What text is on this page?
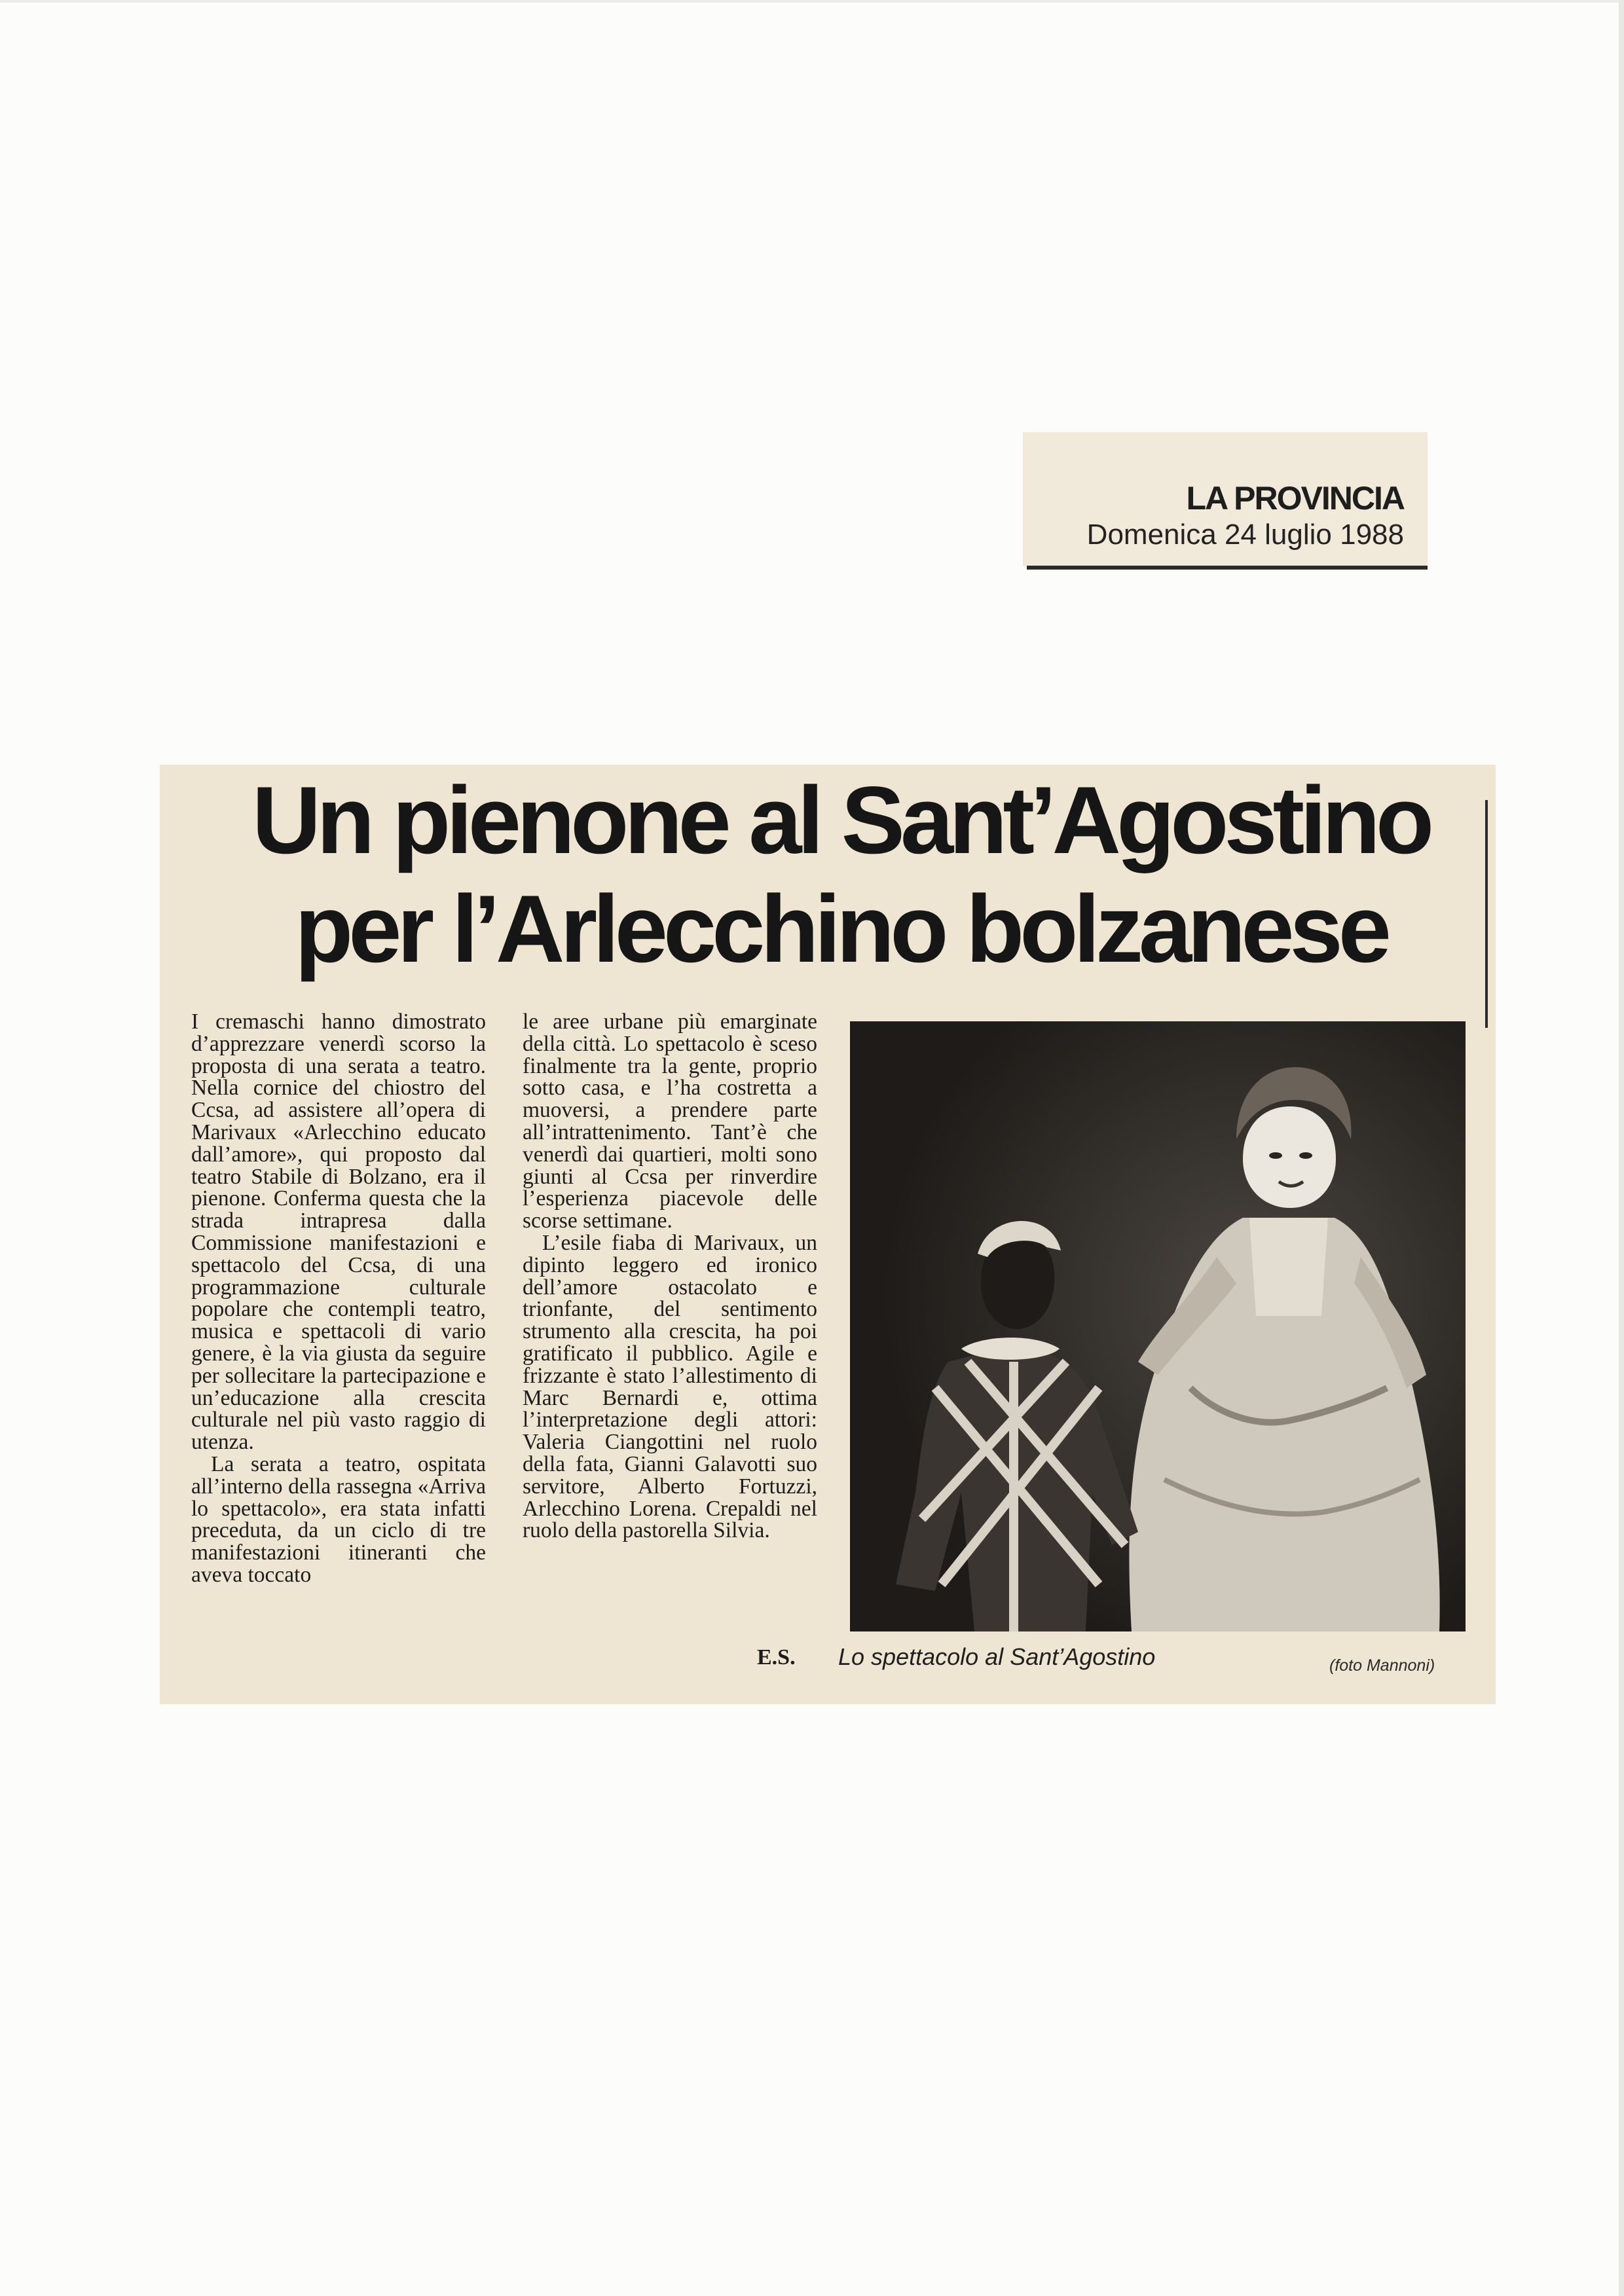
LA PROVINCIA
Domenica 24 luglio 1988
Un pienone al Sant’Agostino
per l’Arlecchino bolzanese

I cremaschi hanno dimostrato d’apprezzare venerdì scorso la proposta di una serata a teatro. Nella cornice del chiostro del Ccsa, ad assistere all’opera di Marivaux «Arlecchino educato dall’amore», qui proposto dal teatro Stabile di Bolzano, era il pienone. Conferma questa che la strada intrapresa dalla Commissione manifestazioni e spettacolo del Ccsa, di una programmazione culturale popolare che contempli teatro, musica e spettacoli di vario genere, è la via giusta da seguire per sollecitare la partecipazione e un’educazione alla crescita culturale nel più vasto raggio di utenza.

La serata a teatro, ospitata all’interno della rassegna «Arriva lo spettacolo», era stata infatti preceduta, da un ciclo di tre manifestazioni itineranti che aveva toccato

le aree urbane più emarginate della città. Lo spettacolo è sceso finalmente tra la gente, proprio sotto casa, e l’ha costretta a muoversi, a prendere parte all’intrattenimento. Tant’è che venerdì dai quartieri, molti sono giunti al Ccsa per rinverdire l’esperienza piacevole delle scorse settimane.

L’esile fiaba di Marivaux, un dipinto leggero ed ironico dell’amore ostacolato e trionfante, del sentimento strumento alla crescita, ha poi gratificato il pubblico. Agile e frizzante è stato l’allestimento di Marc Bernardi e, ottima l’interpretazione degli attori: Valeria Ciangottini nel ruolo della fata, Gianni Galavotti suo servitore, Alberto Fortuzzi, Arlecchino Lorena. Crepaldi nel ruolo della pastorella Silvia.

E.S. Lo spettacolo al Sant’Agostino	(foto Mannoni)
